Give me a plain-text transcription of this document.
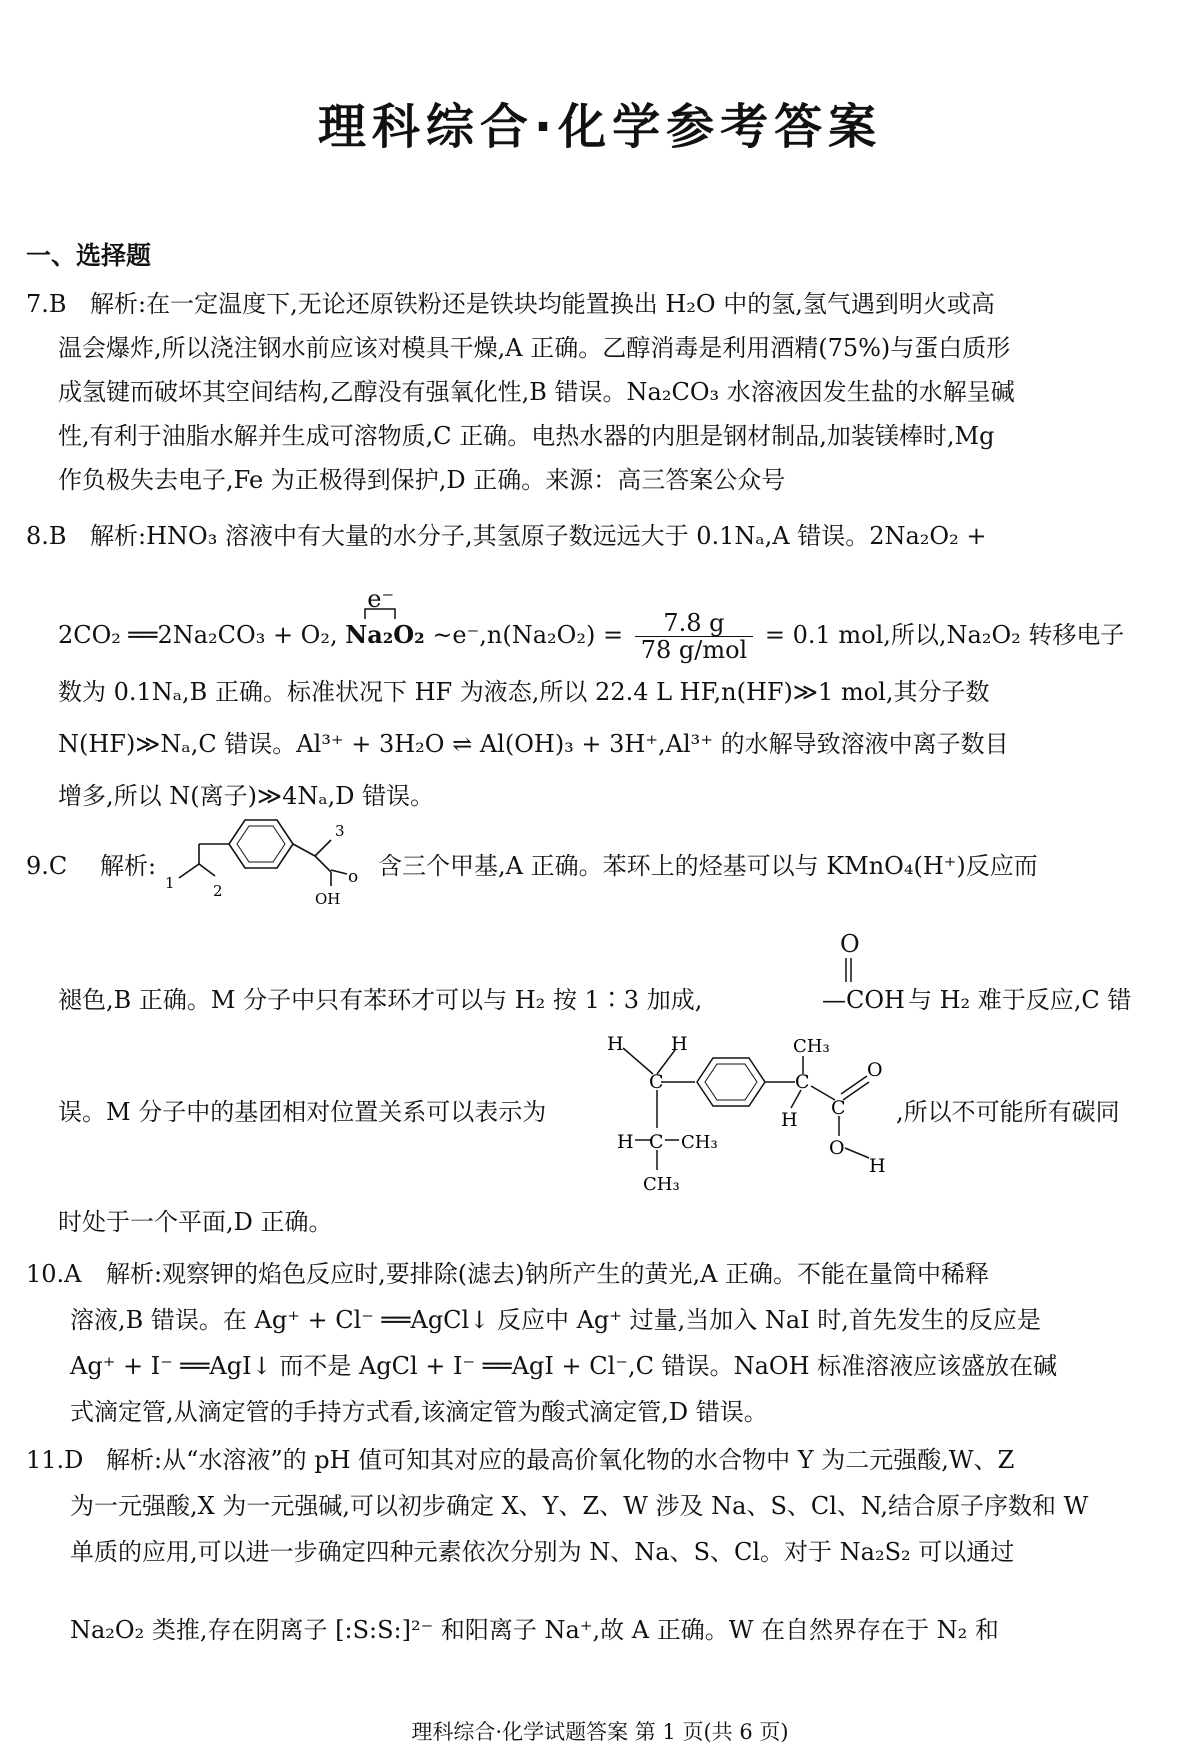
理科综合·化学参考答案
一、选择题
7.B 解析:在一定温度下,无论还原铁粉还是铁块均能置换出 H₂O 中的氢,氢气遇到明火或高
温会爆炸,所以浇注钢水前应该对模具干燥,A 正确。乙醇消毒是利用酒精(75%)与蛋白质形
成氢键而破坏其空间结构,乙醇没有强氧化性,B 错误。Na₂CO₃ 水溶液因发生盐的水解呈碱
性,有利于油脂水解并生成可溶物质,C 正确。电热水器的内胆是钢材制品,加装镁棒时,Mg
作负极失去电子,Fe 为正极得到保护,D 正确。来源：高三答案公众号
8.B 解析:HNO₃ 溶液中有大量的水分子,其氢原子数远远大于 0.1Nₐ,A 错误。2Na₂O₂ +
2CO₂ ══2Na₂CO₃ + O₂,
e⁻
Na₂O₂ ~e⁻,n(Na₂O₂) = $\frac{7.8 g}{\text{78 g/mol}} = 0.1$ mol,所以,Na₂O₂ 转移电子
数为 0.1Nₐ,B 正确。标准状况下 HF 为液态,所以 22.4 L HF,n(HF)≫1 mol,其分子数
N(HF)≫Nₐ,C 错误。Al³⁺ + 3H₂O ⇌ Al(OH)₃ + 3H⁺,Al³⁺ 的水解导致溶液中离子数目
增多,所以 N(离子)≫4Nₐ,D 错误。
9.C 解析:
3
1	2	OH
o 含三个甲基,A 正确。苯环上的烃基可以与 KMnO₄(H⁺)反应而
褪色,B 正确。M 分子中只有苯环才可以与 H₂ 按 1∶3 加成,
O
—COH 与 H₂ 难于反应,C 错
误。M 分子中的基团相对位置关系可以表示为
H H
C	C
C
C
CH₃
CH₃
CH₃
H
H
O
O
H
,所以不可能所有碳同
时处于一个平面,D 正确。
10.A 解析:观察钾的焰色反应时,要排除(滤去)钠所产生的黄光,A 正确。不能在量筒中稀释
溶液,B 错误。在 Ag⁺ + Cl⁻ ══AgCl↓ 反应中 Ag⁺ 过量,当加入 NaI 时,首先发生的反应是
Ag⁺ + I⁻ ══AgI↓ 而不是 AgCl + I⁻ ══AgI + Cl⁻,C 错误。NaOH 标准溶液应该盛放在碱
式滴定管,从滴定管的手持方式看,该滴定管为酸式滴定管,D 错误。
11.D 解析:从“水溶液”的 pH 值可知其对应的最高价氧化物的水合物中 Y 为二元强酸,W、Z
为一元强酸,X 为一元强碱,可以初步确定 X、Y、Z、W 涉及 Na、S、Cl、N,结合原子序数和 W
单质的应用,可以进一步确定四种元素依次分别为 N、Na、S、Cl。对于 Na₂S₂ 可以通过
Na₂O₂ 类推,存在阴离子 [:S:S:]²⁻ 和阳离子 Na⁺,故 A 正确。W 在自然界存在于 N₂ 和
理科综合·化学试题答案 第 1 页(共 6 页)
